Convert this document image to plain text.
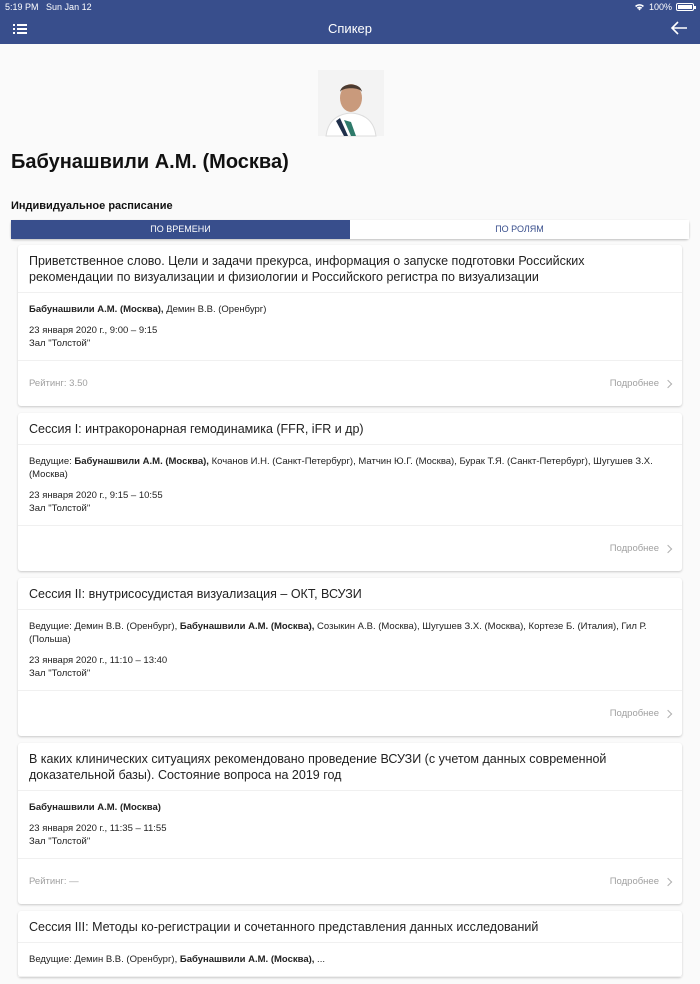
5:19 PM Sun Jan 12	100%
Спикер
Бабунашвили А.М. (Москва)
Индивидуальное расписание
ПО ВРЕМЕНИ	ПО РОЛЯМ
Приветственное слово. Цели и задачи прекурса, информация о запуске подготовки Российских рекомендации по визуализации и физиологии и Российского регистра по визуализации
Бабунашвили А.М. (Москва), Демин В.В. (Оренбург)
23 января 2020 г., 9:00 – 9:15
Зал "Толстой"
Рейтинг: 3.50	Подробнее
Сессия I: интракоронарная гемодинамика (FFR, iFR и др)
Ведущие: Бабунашвили А.М. (Москва), Кочанов И.Н. (Санкт-Петербург), Матчин Ю.Г. (Москва), Бурак Т.Я. (Санкт-Петербург), Шугушев З.Х. (Москва)
23 января 2020 г., 9:15 – 10:55
Зал "Толстой"
Подробнее
Сессия II: внутрисосудистая визуализация – ОКТ, ВСУЗИ
Ведущие: Демин В.В. (Оренбург), Бабунашвили А.М. (Москва), Созыкин А.В. (Москва), Шугушев З.Х. (Москва), Кортезе Б. (Италия), Гил Р. (Польша)
23 января 2020 г., 11:10 – 13:40
Зал "Толстой"
Подробнее
В каких клинических ситуациях рекомендовано проведение ВСУЗИ (с учетом данных современной доказательной базы). Состояние вопроса на 2019 год
Бабунашвили А.М. (Москва)
23 января 2020 г., 11:35 – 11:55
Зал "Толстой"
Рейтинг: —	Подробнее
Сессия III: Методы ко-регистрации и сочетанного представления данных исследований
Ведущие: Демин В.В. (Оренбург), Бабунашвили А.М. (Москва), ...
